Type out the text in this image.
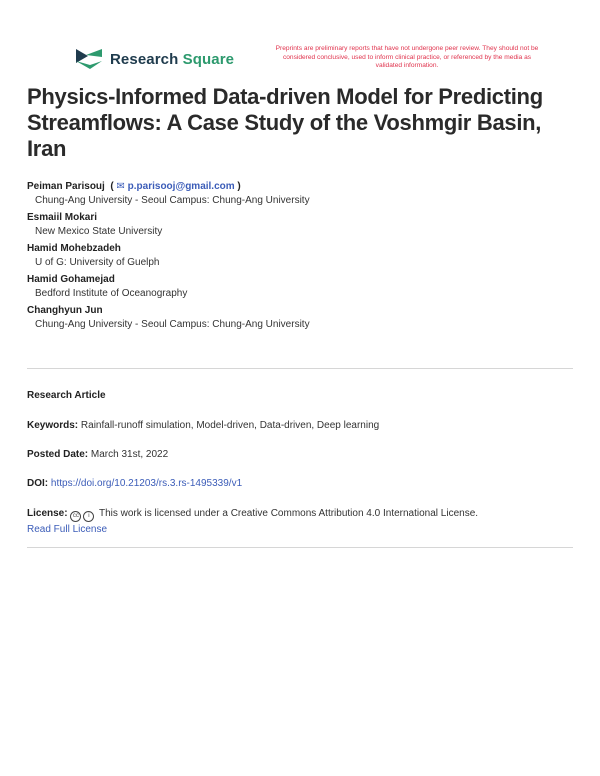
Research Square
Preprints are preliminary reports that have not undergone peer review. They should not be considered conclusive, used to inform clinical practice, or referenced by the media as validated information.
Physics-Informed Data-driven Model for Predicting Streamflows: A Case Study of the Voshmgir Basin, Iran
Peiman Parisouj  ( ✉ p.parisooj@gmail.com )
Chung-Ang University - Seoul Campus: Chung-Ang University
Esmaiil Mokari
New Mexico State University
Hamid Mohebzadeh
U of G: University of Guelph
Hamid Gohamejad
Bedford Institute of Oceanography
Changhyun Jun
Chung-Ang University - Seoul Campus: Chung-Ang University
Research Article
Keywords: Rainfall-runoff simulation, Model-driven, Data-driven, Deep learning
Posted Date: March 31st, 2022
DOI: https://doi.org/10.21203/rs.3.rs-1495339/v1
License: cc i This work is licensed under a Creative Commons Attribution 4.0 International License.
Read Full License
